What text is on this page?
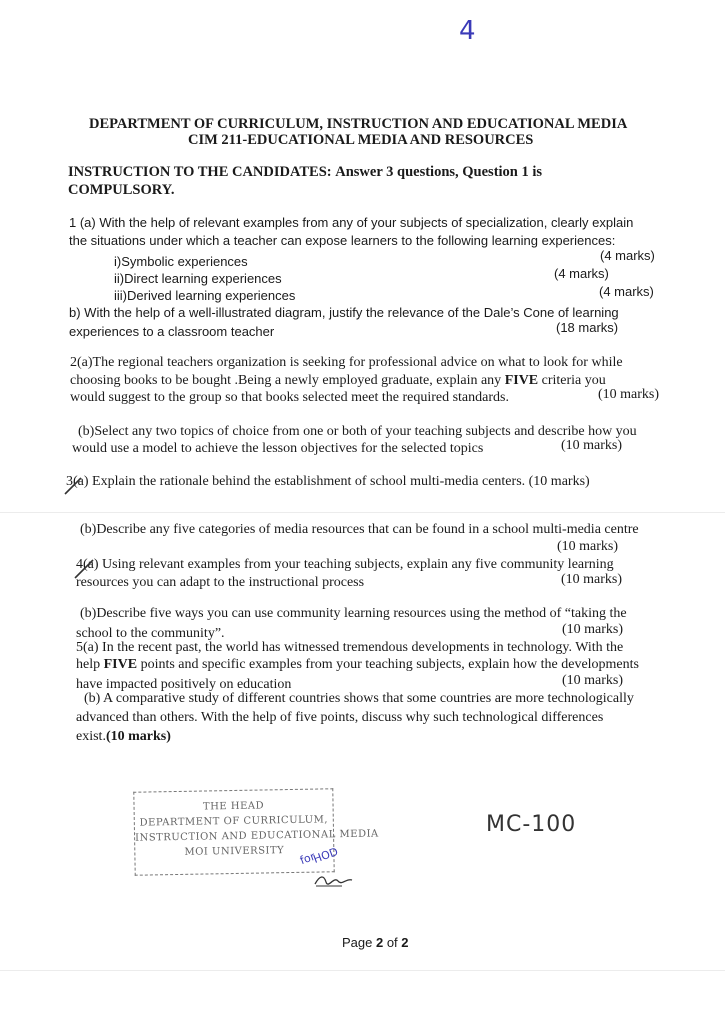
4
DEPARTMENT OF CURRICULUM, INSTRUCTION AND EDUCATIONAL MEDIA
CIM 211-EDUCATIONAL MEDIA AND RESOURCES
INSTRUCTION TO THE CANDIDATES: Answer 3 questions, Question 1 is
COMPULSORY.
1 (a) With the help of relevant examples from any of your subjects of specialization, clearly explain
the situations under which a teacher can expose learners to the following learning experiences:
i)Symbolic experiences	(4 marks)
ii)Direct learning experiences	(4 marks)
iii)Derived learning experiences	(4 marks)
b) With the help of a well-illustrated diagram, justify the relevance of the Dale’s Cone of learning
experiences to a classroom teacher	(18 marks)
2(a)The regional teachers organization is seeking for professional advice on what to look for while
choosing books to be bought .Being a newly employed graduate, explain any FIVE criteria you
would suggest to the group so that books selected meet the required standards.	(10 marks)
(b)Select any two topics of choice from one or both of your teaching subjects and describe how you
would use a model to achieve the lesson objectives for the selected topics	(10 marks)
3(a) Explain the rationale behind the establishment of school multi-media centers. (10 marks)
(b)Describe any five categories of media resources that can be found in a school multi-media centre
(10 marks)
4(a) Using relevant examples from your teaching subjects, explain any five community learning
resources you can adapt to the instructional process	(10 marks)
(b)Describe five ways you can use community learning resources using the method of “taking the
school to the community”.	(10 marks)
5(a) In the recent past, the world has witnessed tremendous developments in technology. With the
help FIVE points and specific examples from your teaching subjects, explain how the developments
have impacted positively on education	(10 marks)
(b) A comparative study of different countries shows that some countries are more technologically
advanced than others. With the help of five points, discuss why such technological differences
exist.(10 marks)
THE HEAD
DEPARTMENT OF CURRICULUM,
INSTRUCTION AND EDUCATIONAL MEDIA
MOI UNIVERSITY	for
HOD
MC-100
Page 2 of 2
